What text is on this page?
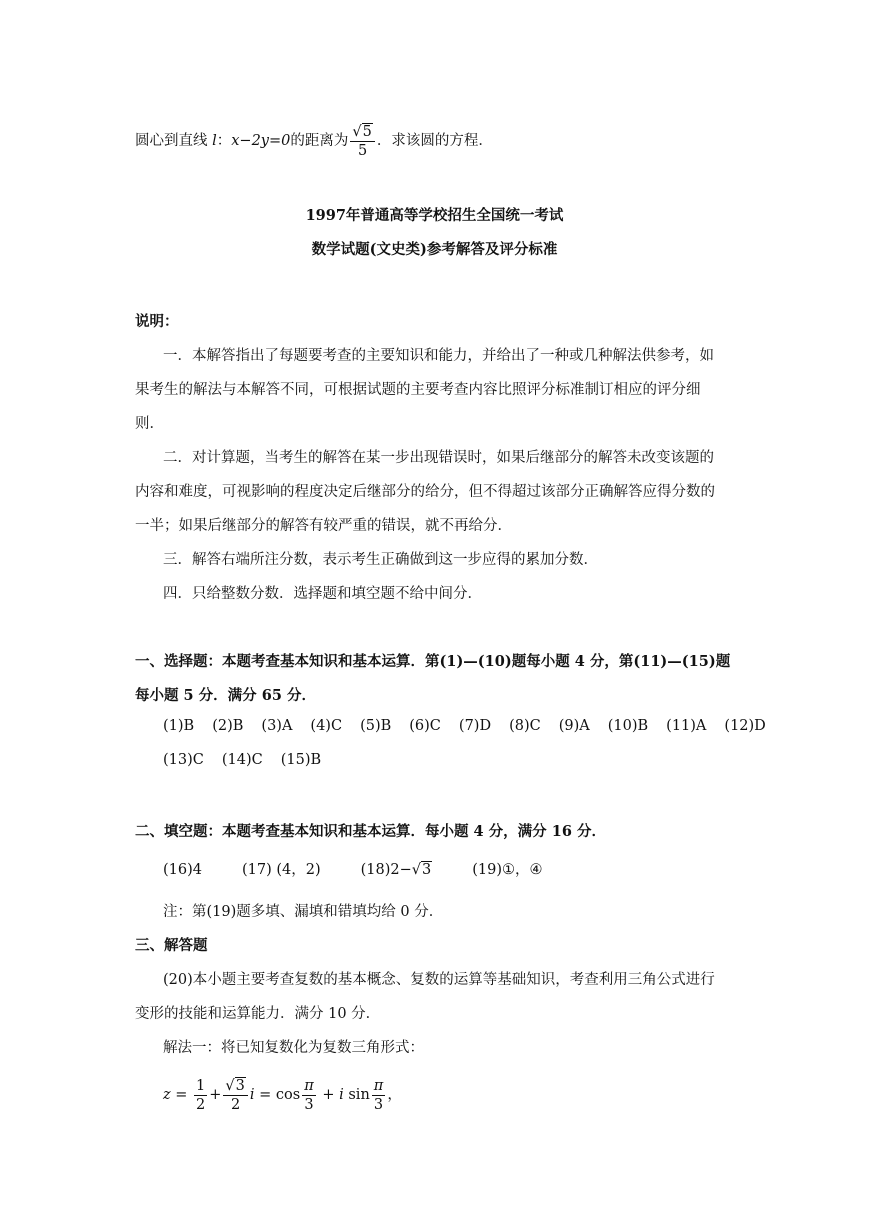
圆心到直线 l：x−2y=0的距离为 $\frac{√5}{5}$ ．求该圆的方程．
1997年普通高等学校招生全国统一考试
数学试题(文史类)参考解答及评分标准
说明：
一．本解答指出了每题要考查的主要知识和能力，并给出了一种或几种解法供参考，如
果考生的解法与本解答不同，可根据试题的主要考查内容比照评分标准制订相应的评分细
则．
二．对计算题，当考生的解答在某一步出现错误时，如果后继部分的解答未改变该题的
内容和难度，可视影响的程度决定后继部分的给分，但不得超过该部分正确解答应得分数的
一半；如果后继部分的解答有较严重的错误，就不再给分．
三．解答右端所注分数，表示考生正确做到这一步应得的累加分数．
四．只给整数分数．选择题和填空题不给中间分．
一、选择题：本题考查基本知识和基本运算．第(1)—(10)题每小题 4 分，第(11)—(15)题
每小题 5 分．满分 65 分．
(1)B (2)B (3)A (4)C (5)B (6)C (7)D (8)C (9)A (10)B (11)A (12)D
(13)C (14)C (15)B
二、填空题：本题考查基本知识和基本运算．每小题 4 分，满分 16 分．
(16)4	(17) (4，2)	(18)2−√3	(19)①，④
注：第(19)题多填、漏填和错填均给 0 分．
三、解答题
(20)本小题主要考查复数的基本概念、复数的运算等基础知识，考查利用三角公式进行
变形的技能和运算能力．满分 10 分．
解法一：将已知复数化为复数三角形式：
$z = \frac{1}{2} + \frac{√3}{2}$ $i = \cos \frac{\pi}{3} + i$ $\sin \frac{\pi}{3}$ ，
